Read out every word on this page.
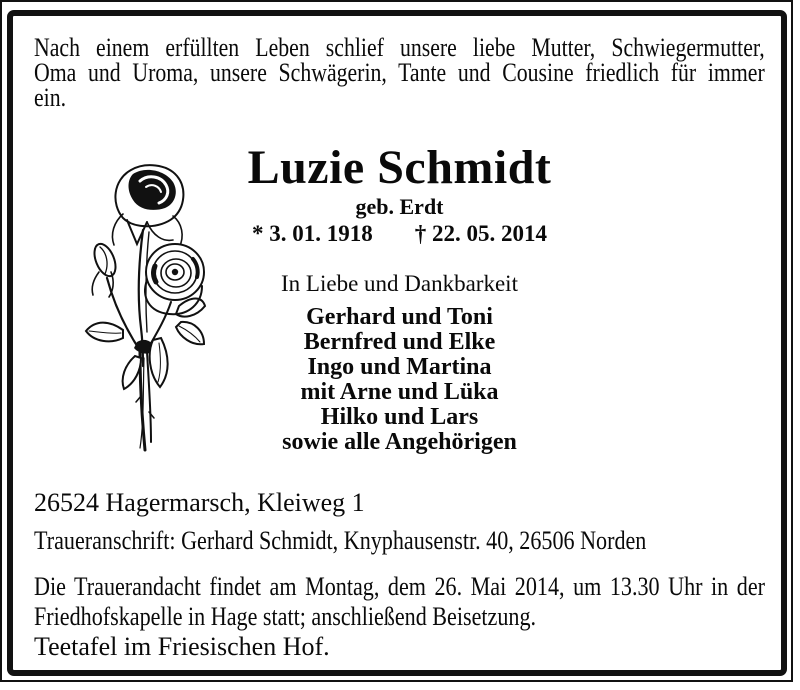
Nach einem erfüllten Leben schlief unsere liebe Mutter, Schwiegermutter,
Oma und Uroma, unsere Schwägerin, Tante und Cousine friedlich für immer
ein.
Luzie Schmidt
geb. Erdt
* 3. 01. 1918 † 22. 05. 2014
In Liebe und Dankbarkeit
Gerhard und Toni
Bernfred und Elke
Ingo und Martina
mit Arne und Lüka
Hilko und Lars
sowie alle Angehörigen
26524 Hagermarsch, Kleiweg 1
Traueranschrift: Gerhard Schmidt, Knyphausenstr. 40, 26506 Norden
Die Trauerandacht findet am Montag, dem 26. Mai 2014, um 13.30 Uhr in der
Friedhofskapelle in Hage statt; anschließend Beisetzung.
Teetafel im Friesischen Hof.
